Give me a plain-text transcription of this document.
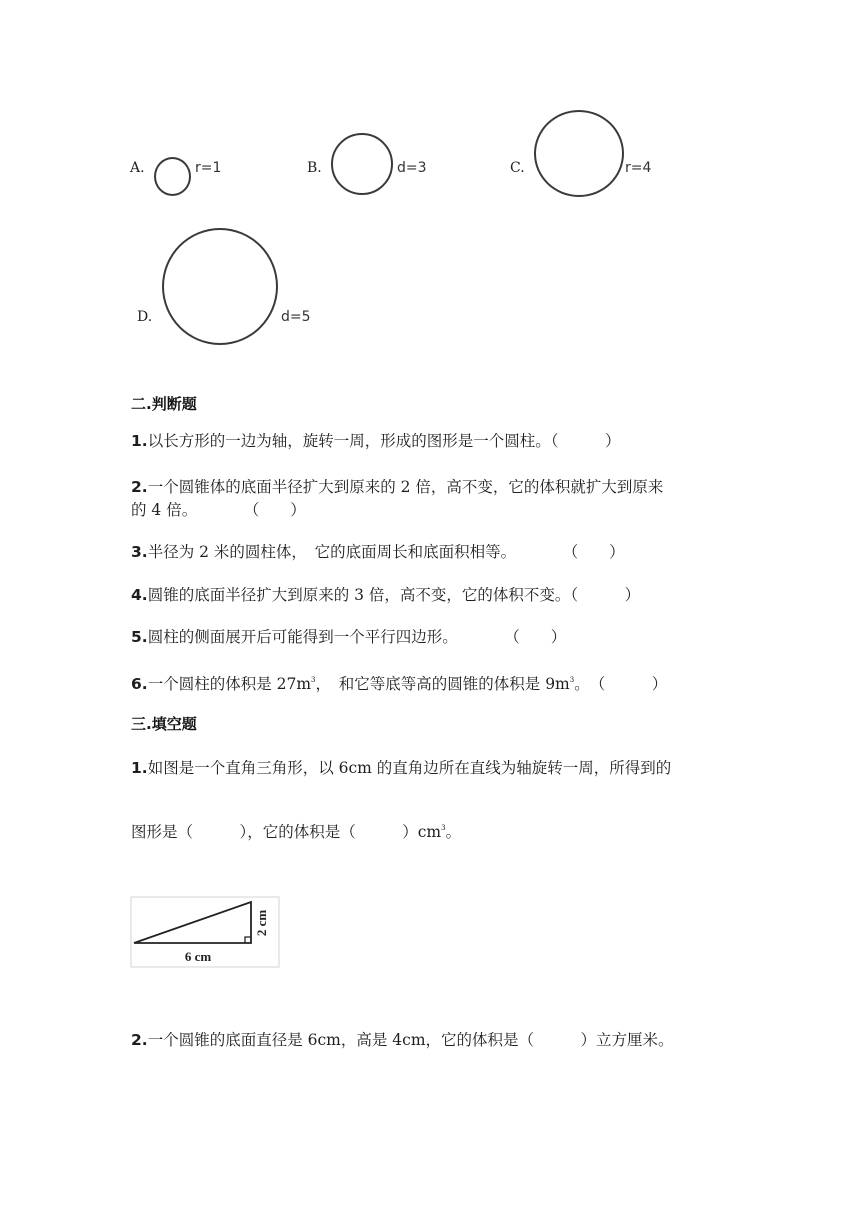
A.	r=1	B.	d=3	C.	r=4
D.	d=5
二.判断题
1.以长方形的一边为轴，旋转一周，形成的图形是一个圆柱。（　　　）
2.一个圆锥体的底面半径扩大到原来的 2 倍，高不变，它的体积就扩大到原来
的 4 倍。　　　　（　　）
3.半径为 2 米的圆柱体，　它的底面周长和底面积相等。　　　　（　　）
4.圆锥的底面半径扩大到原来的 3 倍，高不变，它的体积不变。（　　　）
5.圆柱的侧面展开后可能得到一个平行四边形。　　　　（　　）
6.一个圆柱的体积是 $27m^3$，　和它等底等高的圆锥的体积是 $9m^3$。　（　　　）
三.填空题
1.如图是一个直角三角形，以 6cm 的直角边所在直线为轴旋转一周，所得到的
图形是（　　　），它的体积是（　　　）$cm^3$。
6 cm
2 cm
2.一个圆锥的底面直径是 6cm，高是 4cm，它的体积是（　　　）立方厘米。
